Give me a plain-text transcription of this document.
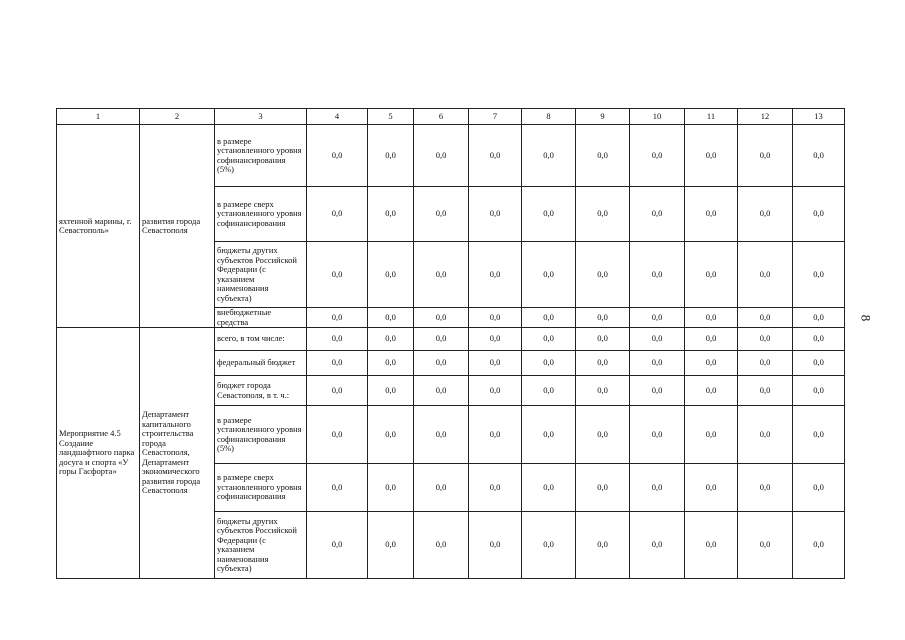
8
1	2	3	4	5	6	7	8	9	10	11	12	13
яхтенной марины, г. Севастополь»	развития города Севастополя	в размере установленного уровня софинансирования (5%)	0,0	0,0	0,0	0,0	0,0	0,0	0,0	0,0	0,0	0,0
		в размере сверх установленного уровня софинансирования	0,0	0,0	0,0	0,0	0,0	0,0	0,0	0,0	0,0	0,0
		бюджеты других субъектов Российской Федерации (с указанием наименования субъекта)	0,0	0,0	0,0	0,0	0,0	0,0	0,0	0,0	0,0	0,0
		внебюджетные средства	0,0	0,0	0,0	0,0	0,0	0,0	0,0	0,0	0,0	0,0
Мероприятие 4.5 Создание ландшафтного парка досуга и спорта «У горы Гасфорта»	Департамент капитального строительства города Севастополя, Департамент экономического развития города Севастополя	всего, в том числе:	0,0	0,0	0,0	0,0	0,0	0,0	0,0	0,0	0,0	0,0
		федеральный бюджет	0,0	0,0	0,0	0,0	0,0	0,0	0,0	0,0	0,0	0,0
		бюджет города Севастополя, в т. ч.:	0,0	0,0	0,0	0,0	0,0	0,0	0,0	0,0	0,0	0,0
		в размере установленного уровня софинансирования (5%)	0,0	0,0	0,0	0,0	0,0	0,0	0,0	0,0	0,0	0,0
		в размере сверх установленного уровня софинансирования	0,0	0,0	0,0	0,0	0,0	0,0	0,0	0,0	0,0	0,0
		бюджеты других субъектов Российской Федерации (с указанием наименования субъекта)	0,0	0,0	0,0	0,0	0,0	0,0	0,0	0,0	0,0	0,0
